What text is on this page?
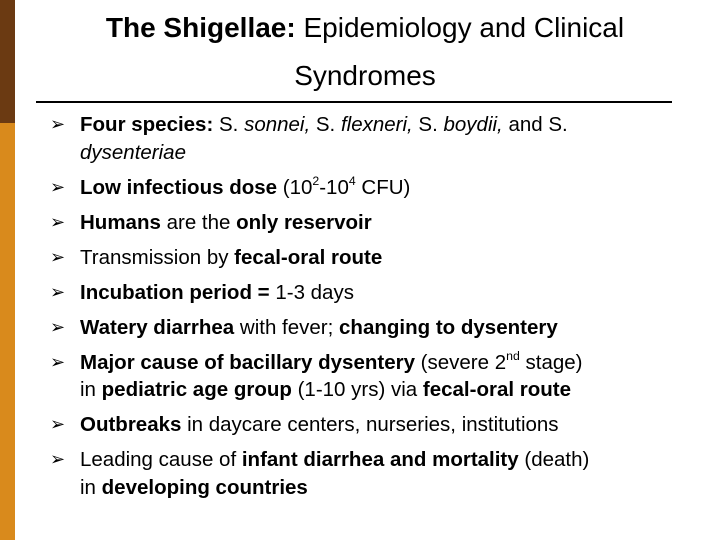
The Shigellae: Epidemiology and Clinical
Syndromes
➢ Four species: S. sonnei, S. flexneri, S. boydii, and S.
dysenteriae
➢ Low infectious dose ($10^2-10^4$ CFU)
➢ Humans are the only reservoir
➢ Transmission by fecal-oral route
➢ Incubation period = 1-3 days
➢ Watery diarrhea with fever; changing to dysentery
➢ Major cause of bacillary dysentery (severe 2nd stage)
in pediatric age group (1-10 yrs) via fecal-oral route
➢ Outbreaks in daycare centers, nurseries, institutions
➢ Leading cause of infant diarrhea and mortality (death)
in developing countries
